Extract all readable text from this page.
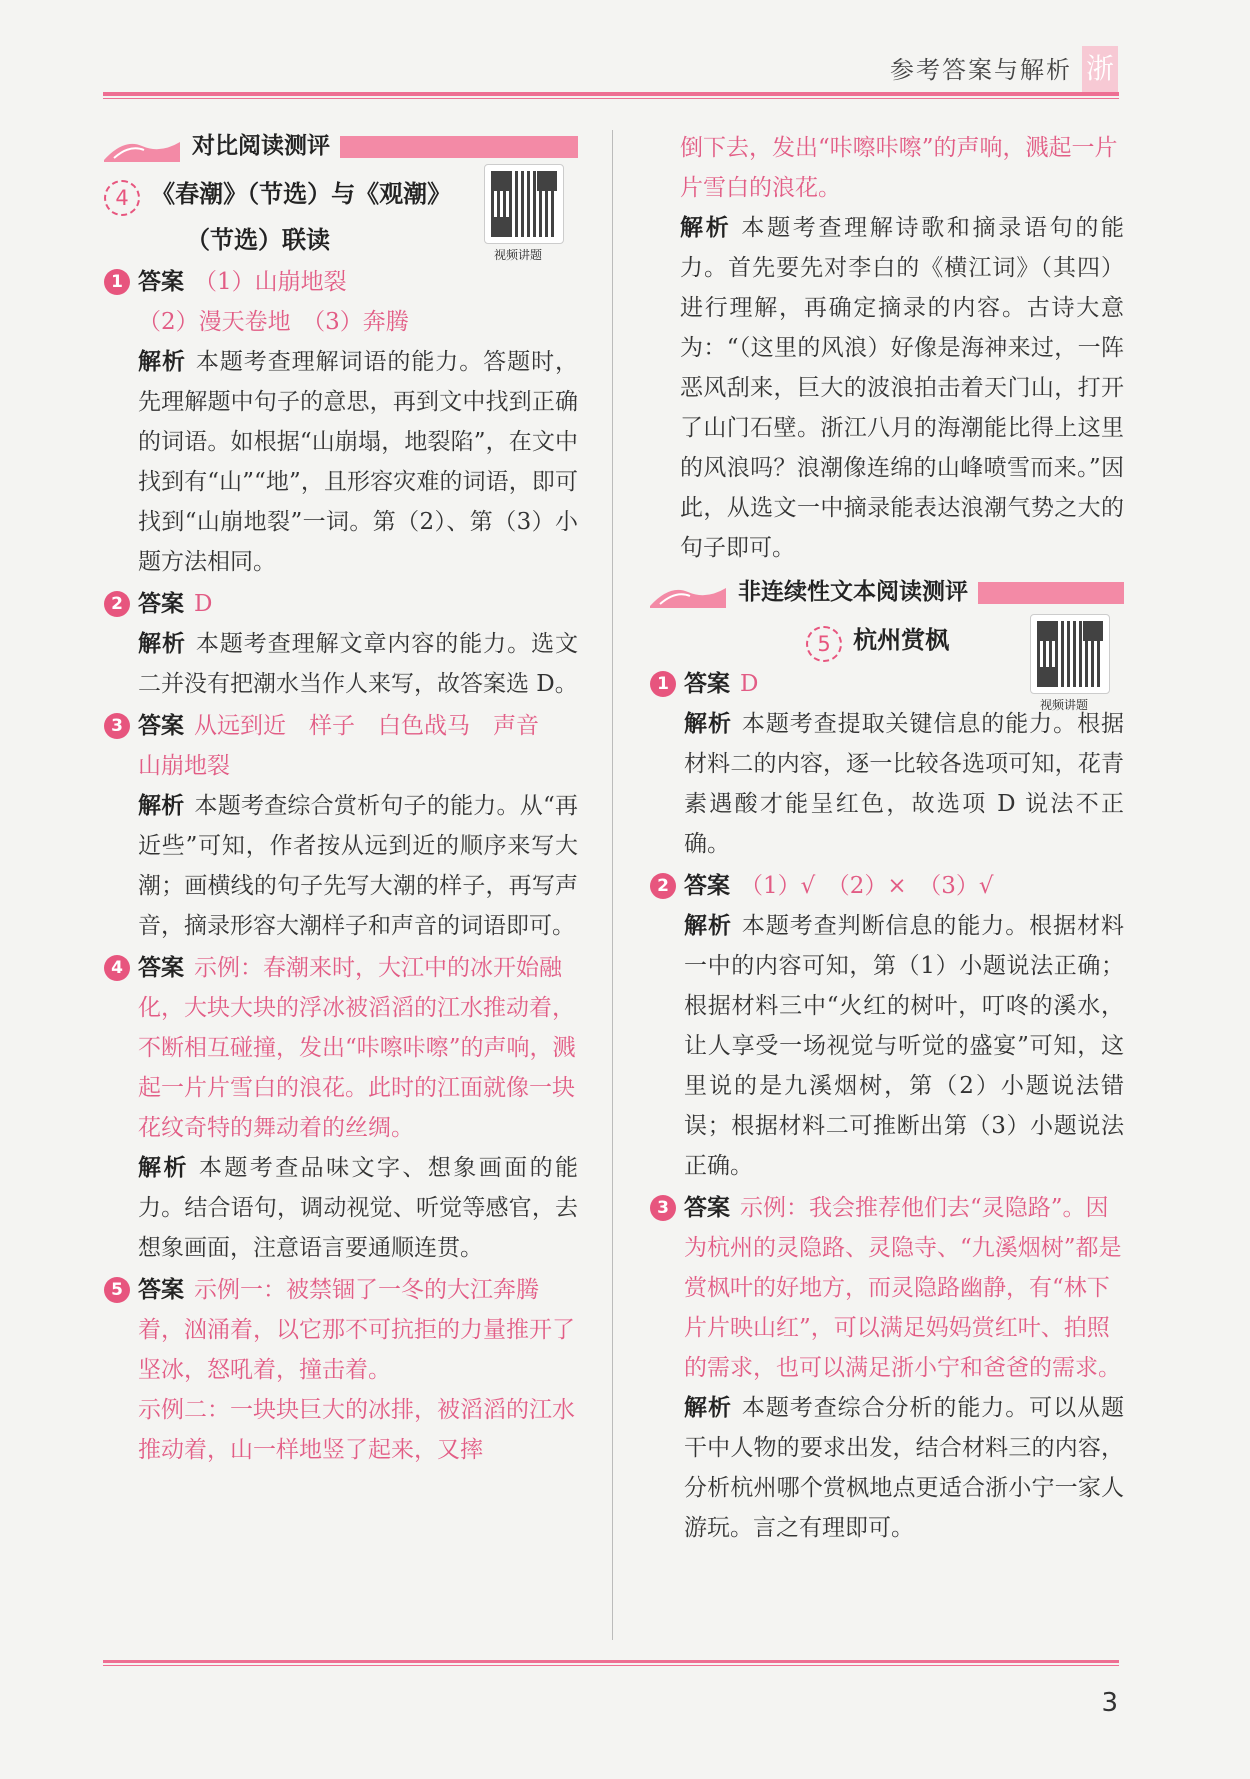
参考答案与解析 浙
对比阅读测评
4 《春潮》（节选）与《观潮》
（节选）联读
视频讲题
1 答案 （1）山崩地裂
（2）漫天卷地　（3）奔腾
解析 本题考查理解词语的能力。答题时，先理解题中句子的意思，再到文中找到正确的词语。如根据“山崩塌，地裂陷”，在文中找到有“山”“地”，且形容灾难的词语，即可找到“山崩地裂”一词。第（2）、第（3）小题方法相同。
2 答案 D
解析 本题考查理解文章内容的能力。选文二并没有把潮水当作人来写，故答案选 D。
3 答案 从远到近　样子　白色战马　声音　山崩地裂
解析 本题考查综合赏析句子的能力。从“再近些”可知，作者按从远到近的顺序来写大潮；画横线的句子先写大潮的样子，再写声音，摘录形容大潮样子和声音的词语即可。
4 答案 示例：春潮来时，大江中的冰开始融化，大块大块的浮冰被滔滔的江水推动着，不断相互碰撞，发出“咔嚓咔嚓”的声响，溅起一片片雪白的浪花。此时的江面就像一块花纹奇特的舞动着的丝绸。
解析 本题考查品味文字、想象画面的能力。结合语句，调动视觉、听觉等感官，去想象画面，注意语言要通顺连贯。
5 答案 示例一：被禁锢了一冬的大江奔腾着，汹涌着，以它那不可抗拒的力量推开了坚冰，怒吼着，撞击着。
示例二：一块块巨大的冰排，被滔滔的江水推动着，山一样地竖了起来，又摔
倒下去，发出“咔嚓咔嚓”的声响，溅起一片片雪白的浪花。
解析 本题考查理解诗歌和摘录语句的能力。首先要先对李白的《横江词》（其四）进行理解，再确定摘录的内容。古诗大意为：“（这里的风浪）好像是海神来过，一阵恶风刮来，巨大的波浪拍击着天门山，打开了山门石壁。浙江八月的海潮能比得上这里的风浪吗？浪潮像连绵的山峰喷雪而来。”因此，从选文一中摘录能表达浪潮气势之大的句子即可。
非连续性文本阅读测评
5 杭州赏枫
视频讲题
1 答案 D
解析 本题考查提取关键信息的能力。根据材料二的内容，逐一比较各选项可知，花青素遇酸才能呈红色，故选项 D 说法不正确。
2 答案 （1）√　（2）×　（3）√
解析 本题考查判断信息的能力。根据材料一中的内容可知，第（1）小题说法正确；根据材料三中“火红的树叶，叮咚的溪水，让人享受一场视觉与听觉的盛宴”可知，这里说的是九溪烟树，第（2）小题说法错误；根据材料二可推断出第（3）小题说法正确。
3 答案 示例：我会推荐他们去“灵隐路”。因为杭州的灵隐路、灵隐寺、“九溪烟树”都是赏枫叶的好地方，而灵隐路幽静，有“林下片片映山红”，可以满足妈妈赏红叶、拍照的需求，也可以满足浙小宁和爸爸的需求。
解析 本题考查综合分析的能力。可以从题干中人物的要求出发，结合材料三的内容，分析杭州哪个赏枫地点更适合浙小宁一家人游玩。言之有理即可。
3
